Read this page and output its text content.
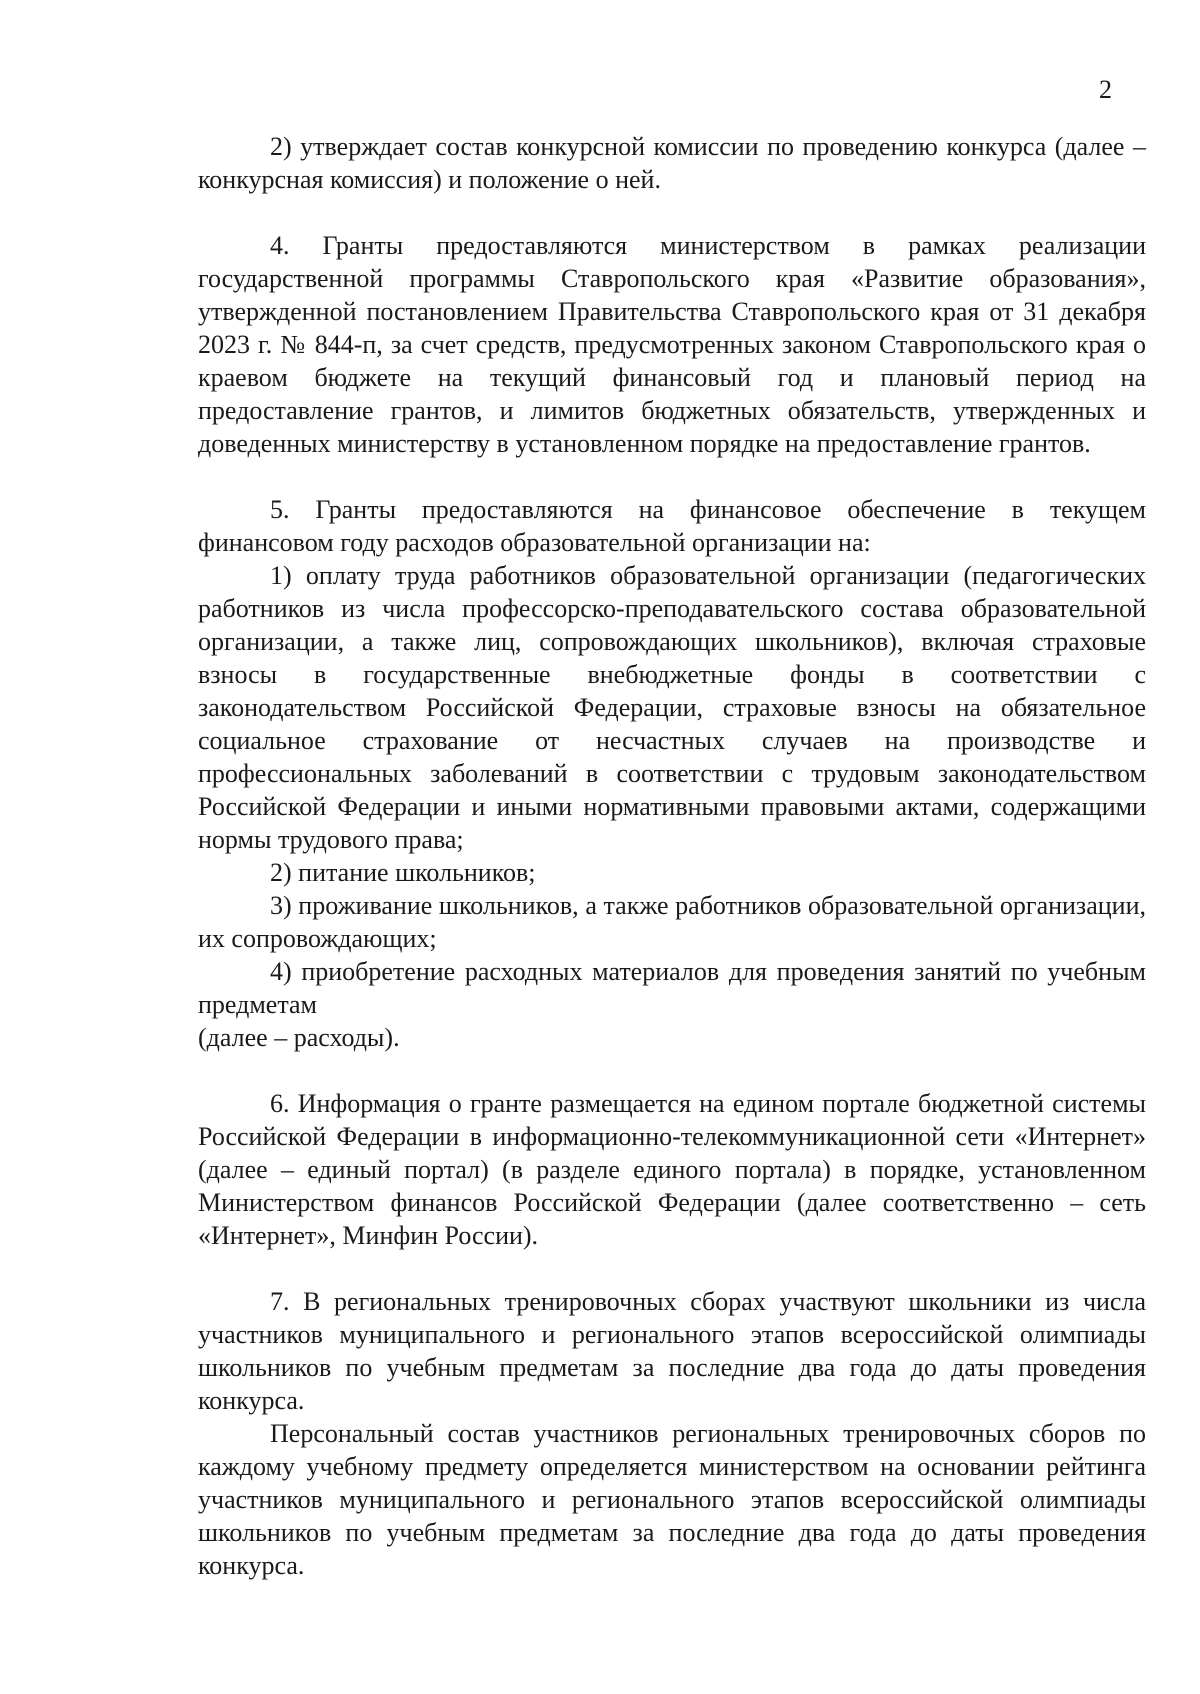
2

2) утверждает состав конкурсной комиссии по проведению конкурса (далее – конкурсная комиссия) и положение о ней.

4. Гранты предоставляются министерством в рамках реализации государственной программы Ставропольского края «Развитие образования», утвержденной постановлением Правительства Ставропольского края от 31 декабря 2023 г. № 844-п, за счет средств, предусмотренных законом Ставропольского края о краевом бюджете на текущий финансовый год и плановый период на предоставление грантов, и лимитов бюджетных обязательств, утвержденных и доведенных министерству в установленном порядке на предоставление грантов.

5. Гранты предоставляются на финансовое обеспечение в текущем финансовом году расходов образовательной организации на:

1) оплату труда работников образовательной организации (педагогических работников из числа профессорско-преподавательского состава образовательной организации, а также лиц, сопровождающих школьников), включая страховые взносы в государственные внебюджетные фонды в соответствии с законодательством Российской Федерации, страховые взносы на обязательное социальное страхование от несчастных случаев на производстве и профессиональных заболеваний в соответствии с трудовым законодательством Российской Федерации и иными нормативными правовыми актами, содержащими нормы трудового права;

2) питание школьников;

3) проживание школьников, а также работников образовательной организации, их сопровождающих;

4) приобретение расходных материалов для проведения занятий по учебным предметам

(далее – расходы).

6. Информация о гранте размещается на едином портале бюджетной системы Российской Федерации в информационно-телекоммуникационной сети «Интернет» (далее – единый портал) (в разделе единого портала) в порядке, установленном Министерством финансов Российской Федерации (далее соответственно – сеть «Интернет», Минфин России).

7. В региональных тренировочных сборах участвуют школьники из числа участников муниципального и регионального этапов всероссийской олимпиады школьников по учебным предметам за последние два года до даты проведения конкурса.

Персональный состав участников региональных тренировочных сборов по каждому учебному предмету определяется министерством на основании рейтинга участников муниципального и регионального этапов всероссийской олимпиады школьников по учебным предметам за последние два года до даты проведения конкурса.
